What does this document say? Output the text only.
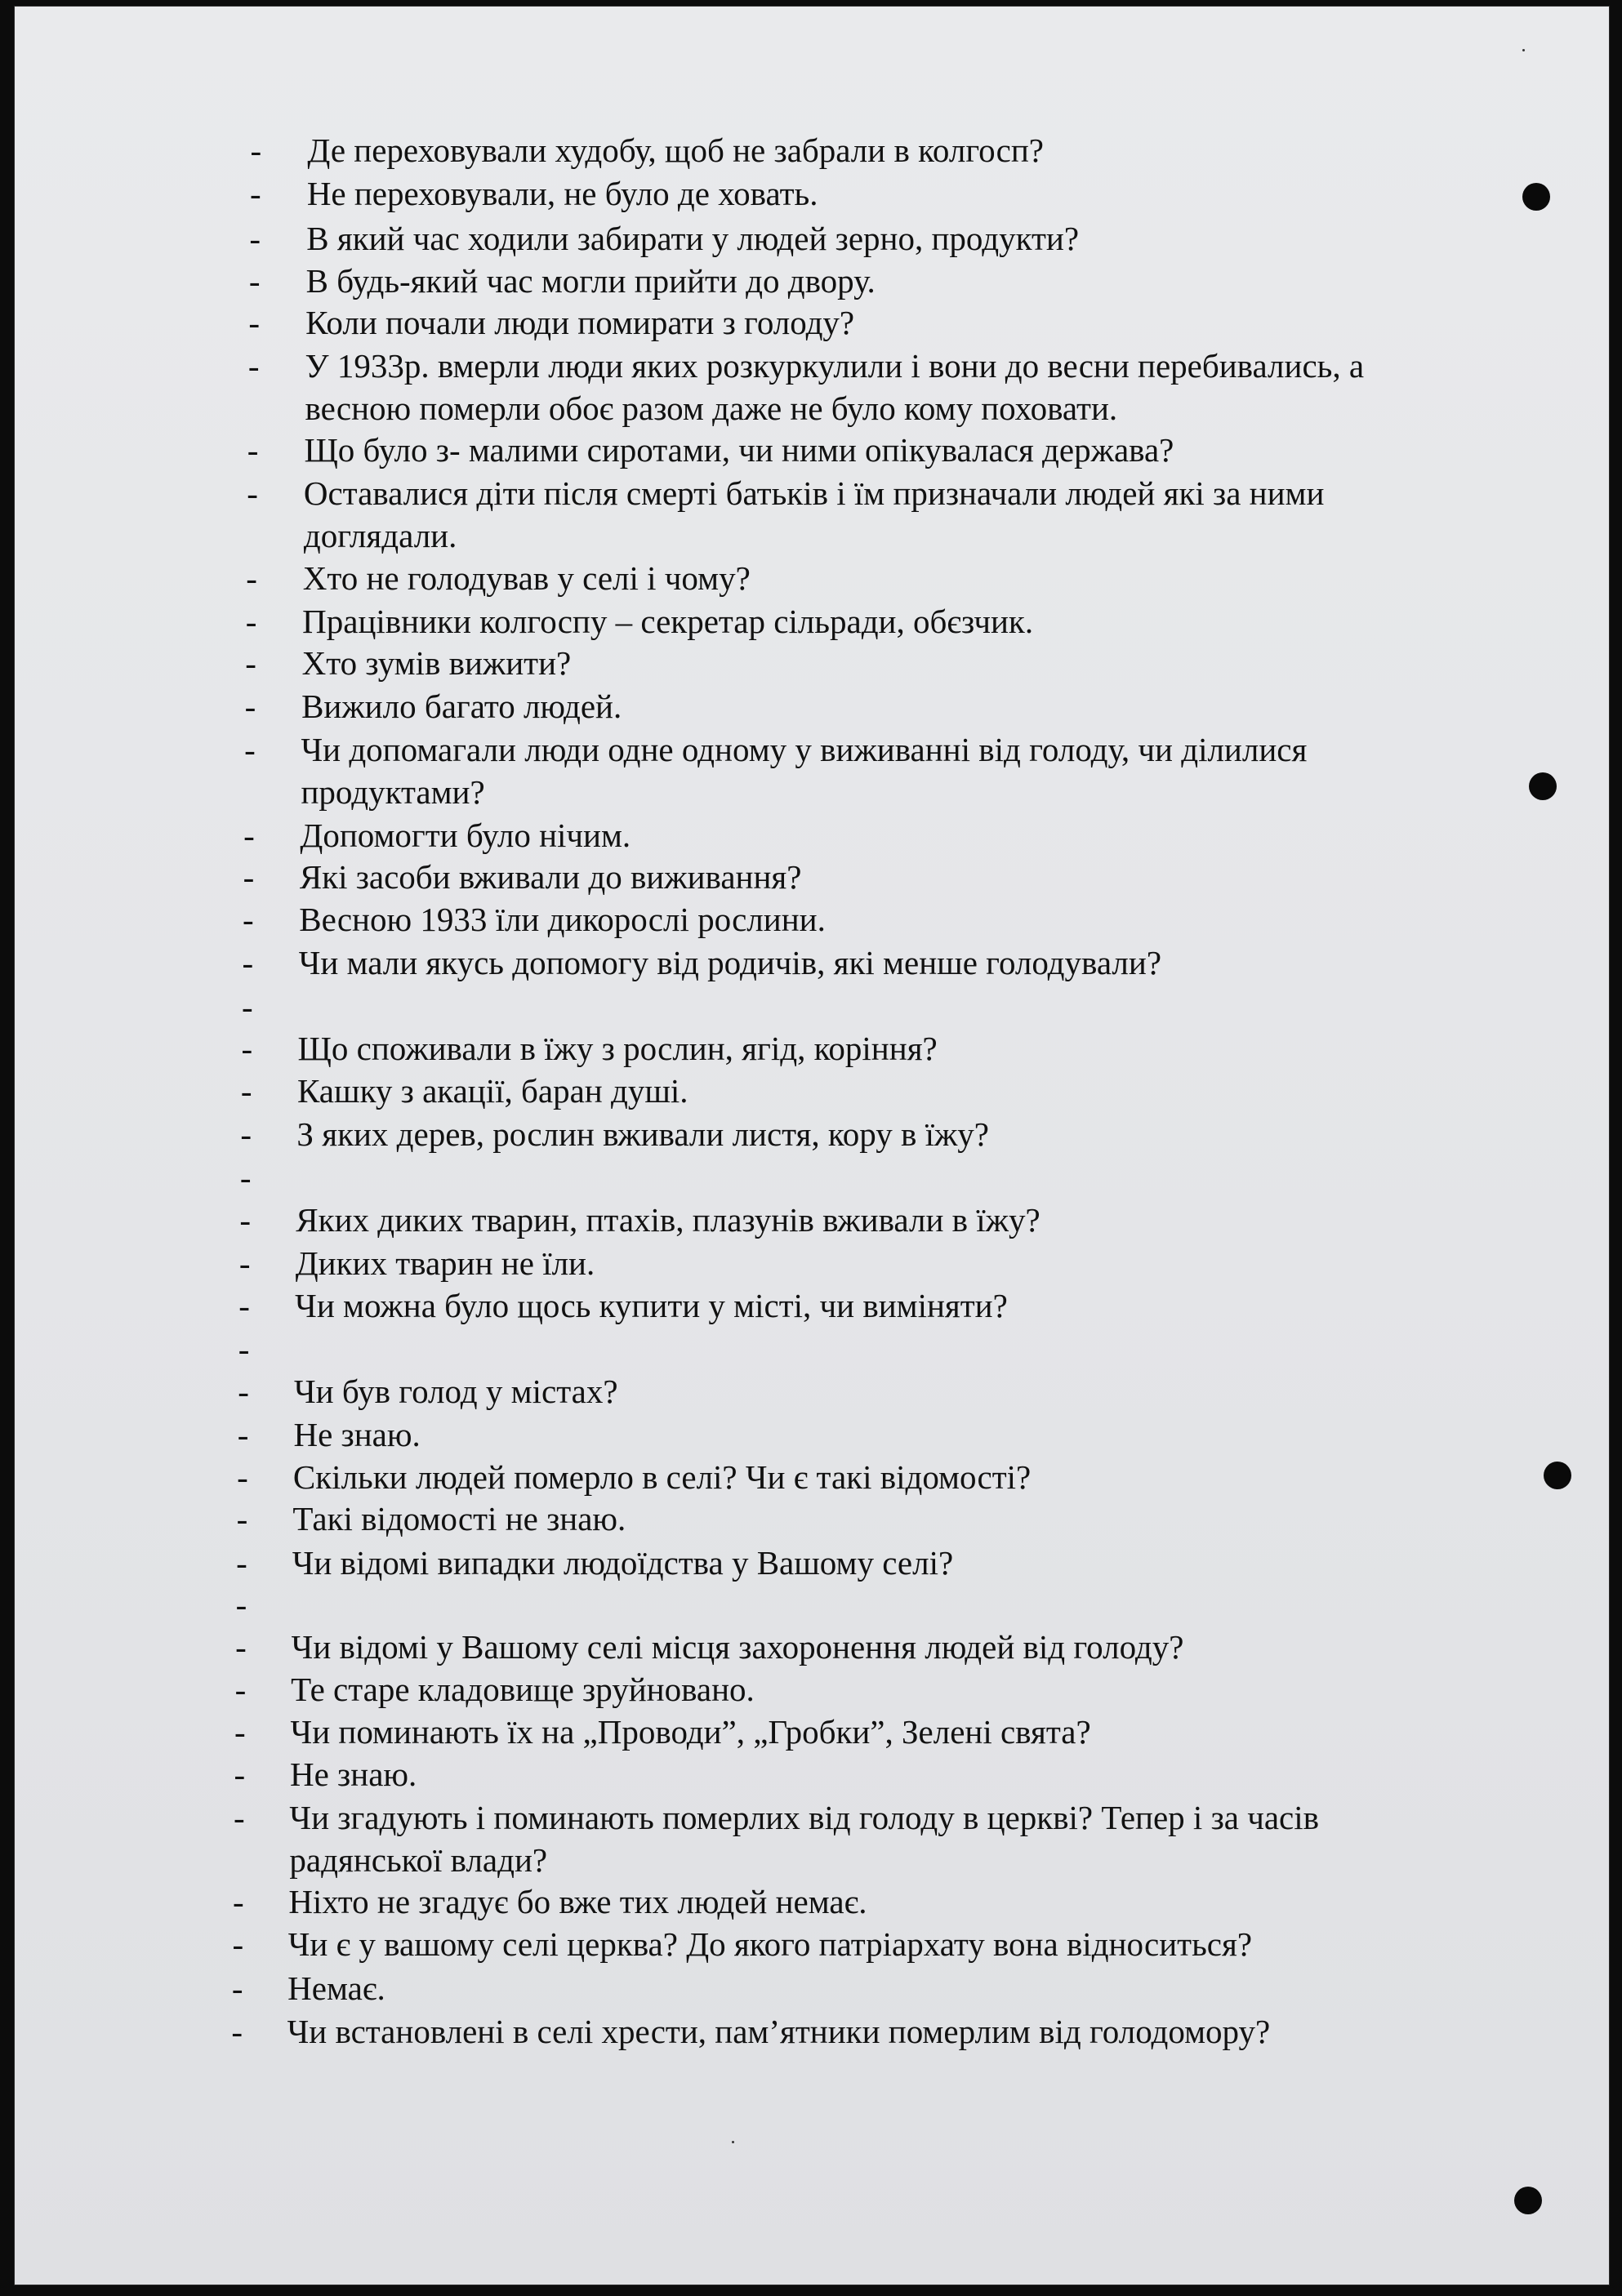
- Де переховували худобу, щоб не забрали в колгосп?
- Не переховували, не було де ховать.
- В який час ходили забирати у людей зерно, продукти?
- В будь-який час могли прийти до двору.
- Коли почали люди помирати з голоду?
- У 1933р. вмерли люди яких розкуркулили і вони до весни перебивались, а
весною померли обоє разом даже не було кому поховати.
- Що було з- малими сиротами, чи ними опікувалася держава?
- Оставалися діти після смерті батьків і їм призначали людей які за ними
доглядали.
- Хто не голодував у селі і чому?
- Працівники колгоспу – секретар сільради, обєзчик.
- Хто зумів вижити?
- Вижило багато людей.
- Чи допомагали люди одне одному у виживанні від голоду, чи ділилися
продуктами?
- Допомогти було нічим.
- Які засоби вживали до виживання?
- Весною 1933 їли дикорослі рослини.
- Чи мали якусь допомогу від родичів, які менше голодували?
-
- Що споживали в їжу з рослин, ягід, коріння?
- Кашку з акації, баран душі.
- З яких дерев, рослин вживали листя, кору в їжу?
-
- Яких диких тварин, птахів, плазунів вживали в їжу?
- Диких тварин не їли.
- Чи можна було щось купити у місті, чи виміняти?
-
- Чи був голод у містах?
- Не знаю.
- Скільки людей померло в селі? Чи є такі відомості?
- Такі відомості не знаю.
- Чи відомі випадки людоїдства у Вашому селі?
-
- Чи відомі у Вашому селі місця захоронення людей від голоду?
- Те старе кладовище зруйновано.
- Чи поминають їх на „Проводи”, „Гробки”, Зелені свята?
- Не знаю.
- Чи згадують і поминають померлих від голоду в церкві? Тепер і за часів
радянської влади?
- Ніхто не згадує бо вже тих людей немає.
- Чи є у вашому селі церква? До якого патріархату вона відноситься?
- Немає.
- Чи встановлені в селі хрести, пам’ятники померлим від голодомору?
